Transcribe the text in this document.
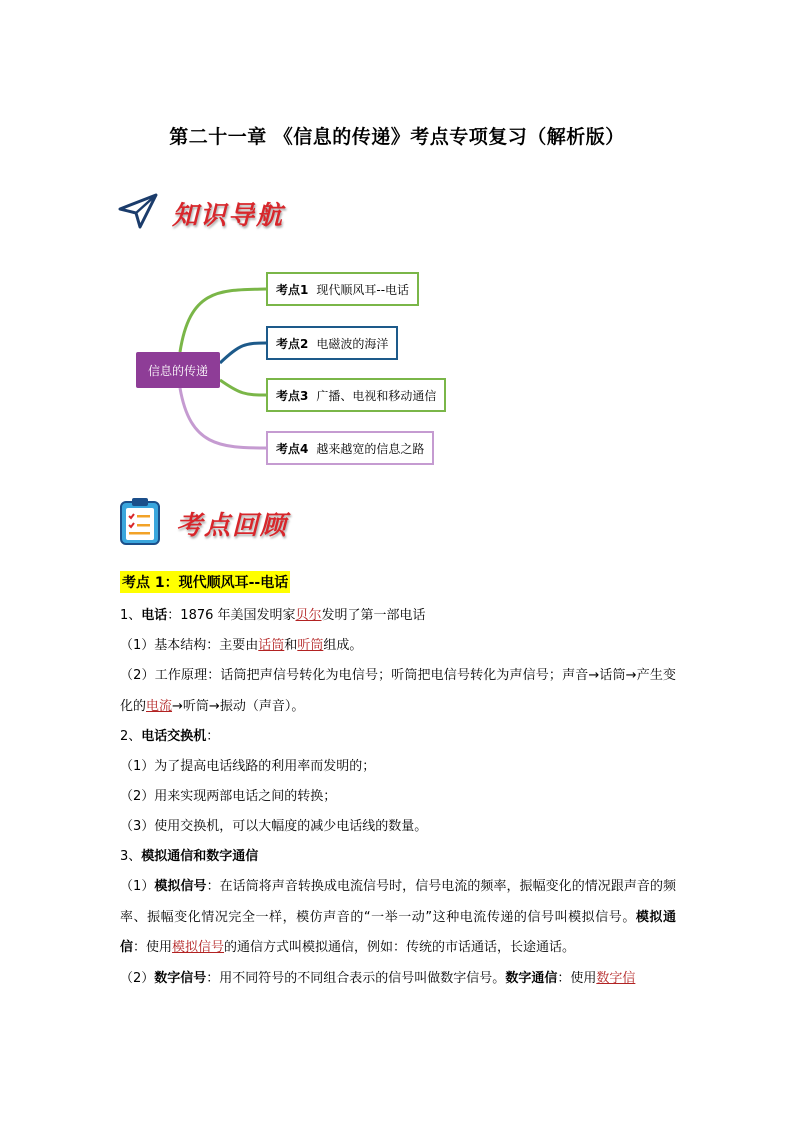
第二十一章 《信息的传递》考点专项复习（解析版）
知识导航
信息的传递
考点1 现代顺风耳--电话
考点2 电磁波的海洋
考点3 广播、电视和移动通信
考点4 越来越宽的信息之路
考点回顾
考点 1：现代顺风耳--电话
1、电话：1876 年美国发明家贝尔发明了第一部电话
（1）基本结构：主要由话筒和听筒组成。
（2）工作原理：话筒把声信号转化为电信号；听筒把电信号转化为声信号；声音→话筒→产生变化的电流→听筒→振动（声音）。
2、电话交换机：
（1）为了提高电话线路的利用率而发明的；
（2）用来实现两部电话之间的转换；
（3）使用交换机，可以大幅度的减少电话线的数量。
3、模拟通信和数字通信
（1）模拟信号：在话筒将声音转换成电流信号时，信号电流的频率，振幅变化的情况跟声音的频率、振幅变化情况完全一样，模仿声音的“一举一动”这种电流传递的信号叫模拟信号。模拟通信：使用模拟信号的通信方式叫模拟通信，例如：传统的市话通话，长途通话。
（2）数字信号：用不同符号的不同组合表示的信号叫做数字信号。数字通信：使用数字信
